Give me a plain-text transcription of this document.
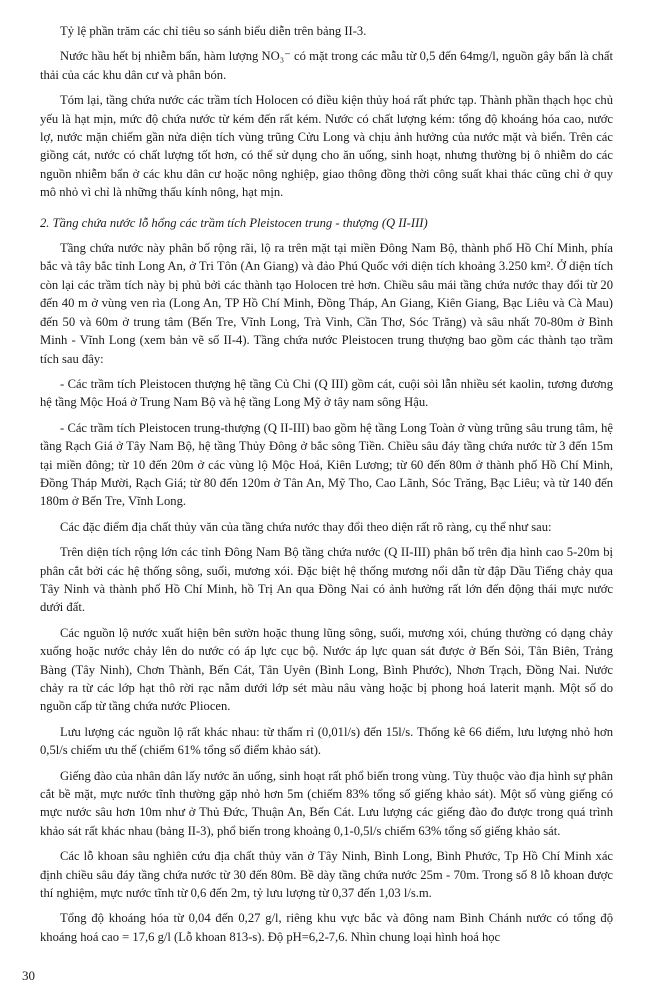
Tỷ lệ phần trăm các chỉ tiêu so sánh biểu diễn trên bảng II-3.

Nước hầu hết bị nhiễm bẩn, hàm lượng NO₃⁻ có mặt trong các mẫu từ 0,5 đến 64mg/l, nguồn gây bẩn là chất thải của các khu dân cư và phân bón.

Tóm lại, tầng chứa nước các trầm tích Holocen có điều kiện thủy hoá rất phức tạp. Thành phần thạch học chủ yếu là hạt mịn, mức độ chứa nước từ kém đến rất kém. Nước có chất lượng kém: tổng độ khoáng hóa cao, nước lợ, nước mặn chiếm gần nửa diện tích vùng trũng Cửu Long và chịu ảnh hưởng của nước mặt và biển. Trên các giồng cát, nước có chất lượng tốt hơn, có thể sử dụng cho ăn uống, sinh hoạt, nhưng thường bị ô nhiễm do các nguồn nhiễm bẩn ở các khu dân cư hoặc nông nghiệp, giao thông đồng thời công suất khai thác cũng chỉ ở quy mô nhỏ vì chỉ là những thấu kính nông, hạt mịn.

2. Tầng chứa nước lỗ hổng các trầm tích Pleistocen trung - thượng (Q II-III)

Tầng chứa nước này phân bố rộng rãi, lộ ra trên mặt tại miền Đông Nam Bộ, thành phố Hồ Chí Minh, phía bắc và tây bắc tỉnh Long An, ở Tri Tôn (An Giang) và đảo Phú Quốc với diện tích khoảng 3.250 km². Ở diện tích còn lại các trầm tích này bị phủ bởi các thành tạo Holocen trẻ hơn. Chiều sâu mái tầng chứa nước thay đổi từ 20 đến 40 m ở vùng ven rìa (Long An, TP Hồ Chí Minh, Đồng Tháp, An Giang, Kiên Giang, Bạc Liêu và Cà Mau) đến 50 và 60m ở trung tâm (Bến Tre, Vĩnh Long, Trà Vinh, Cần Thơ, Sóc Trăng) và sâu nhất 70-80m ở Bình Minh - Vĩnh Long (xem bản vẽ số II-4). Tầng chứa nước Pleistocen trung thượng bao gồm các thành tạo trầm tích sau đây:

- Các trầm tích Pleistocen thượng hệ tầng Củ Chi (Q III) gồm cát, cuội sỏi lẫn nhiều sét kaolin, tương đương hệ tầng Mộc Hoá ở Trung Nam Bộ và hệ tầng Long Mỹ ở tây nam sông Hậu.

- Các trầm tích Pleistocen trung-thượng (Q II-III) bao gồm hệ tầng Long Toàn ở vùng trũng sâu trung tâm, hệ tầng Rạch Giá ở Tây Nam Bộ, hệ tầng Thủy Đông ở bắc sông Tiền. Chiều sâu đáy tầng chứa nước từ 3 đến 15m tại miền đông; từ 10 đến 20m ở các vùng lộ Mộc Hoá, Kiên Lương; từ 60 đến 80m ở thành phố Hồ Chí Minh, Đồng Tháp Mười, Rạch Giá; từ 80 đến 120m ở Tân An, Mỹ Tho, Cao Lãnh, Sóc Trăng, Bạc Liêu; và từ 140 đến 180m ở Bến Tre, Vĩnh Long.

Các đặc điểm địa chất thủy văn của tầng chứa nước thay đổi theo diện rất rõ ràng, cụ thể như sau:

Trên diện tích rộng lớn các tỉnh Đông Nam Bộ tầng chứa nước (Q II-III) phân bố trên địa hình cao 5-20m bị phân cắt bởi các hệ thống sông, suối, mương xói. Đặc biệt hệ thống mương nổi dẫn từ đập Dầu Tiếng chảy qua Tây Ninh và thành phố Hồ Chí Minh, hồ Trị An qua Đồng Nai có ảnh hưởng rất lớn đến động thái mực nước dưới đất.

Các nguồn lộ nước xuất hiện bên sườn hoặc thung lũng sông, suối, mương xói, chúng thường có dạng chảy xuống hoặc nước chảy lên do nước có áp lực cục bộ. Nước áp lực quan sát được ở Bến Sỏi, Tân Biên, Trảng Bàng (Tây Ninh), Chơn Thành, Bến Cát, Tân Uyên (Bình Long, Bình Phước), Nhơn Trạch, Đồng Nai. Nước chảy ra từ các lớp hạt thô rời rạc nằm dưới lớp sét màu nâu vàng hoặc bị phong hoá laterit mạnh. Một số do nguồn cấp từ tầng chứa nước Pliocen.

Lưu lượng các nguồn lộ rất khác nhau: từ thấm rỉ (0,01l/s) đến 15l/s. Thống kê 66 điểm, lưu lượng nhỏ hơn 0,5l/s chiếm ưu thế (chiếm 61% tổng số điểm khảo sát).

Giếng đào của nhân dân lấy nước ăn uống, sinh hoạt rất phổ biến trong vùng. Tùy thuộc vào địa hình sự phân cắt bề mặt, mực nước tĩnh thường gặp nhỏ hơn 5m (chiếm 83% tổng số giếng khảo sát). Một số vùng giếng có mực nước sâu hơn 10m như ở Thủ Đức, Thuận An, Bến Cát. Lưu lượng các giếng đào đo được trong quá trình khảo sát rất khác nhau (bảng II-3), phổ biến trong khoảng 0,1-0,5l/s chiếm 63% tổng số giếng khảo sát.

Các lỗ khoan sâu nghiên cứu địa chất thủy văn ở Tây Ninh, Bình Long, Bình Phước, Tp Hồ Chí Minh xác định chiều sâu đáy tầng chứa nước từ 30 đến 80m. Bề dày tầng chứa nước 25m - 70m. Trong số 8 lỗ khoan được thí nghiệm, mực nước tĩnh từ 0,6 đến 2m, tỷ lưu lượng từ 0,37 đến 1,03 l/s.m.

Tổng độ khoáng hóa từ 0,04 đến 0,27 g/l, riêng khu vực bắc và đông nam Bình Chánh nước có tổng độ khoáng hoá cao = 17,6 g/l (Lỗ khoan 813-s). Độ pH=6,2-7,6. Nhìn chung loại hình hoá học

30
